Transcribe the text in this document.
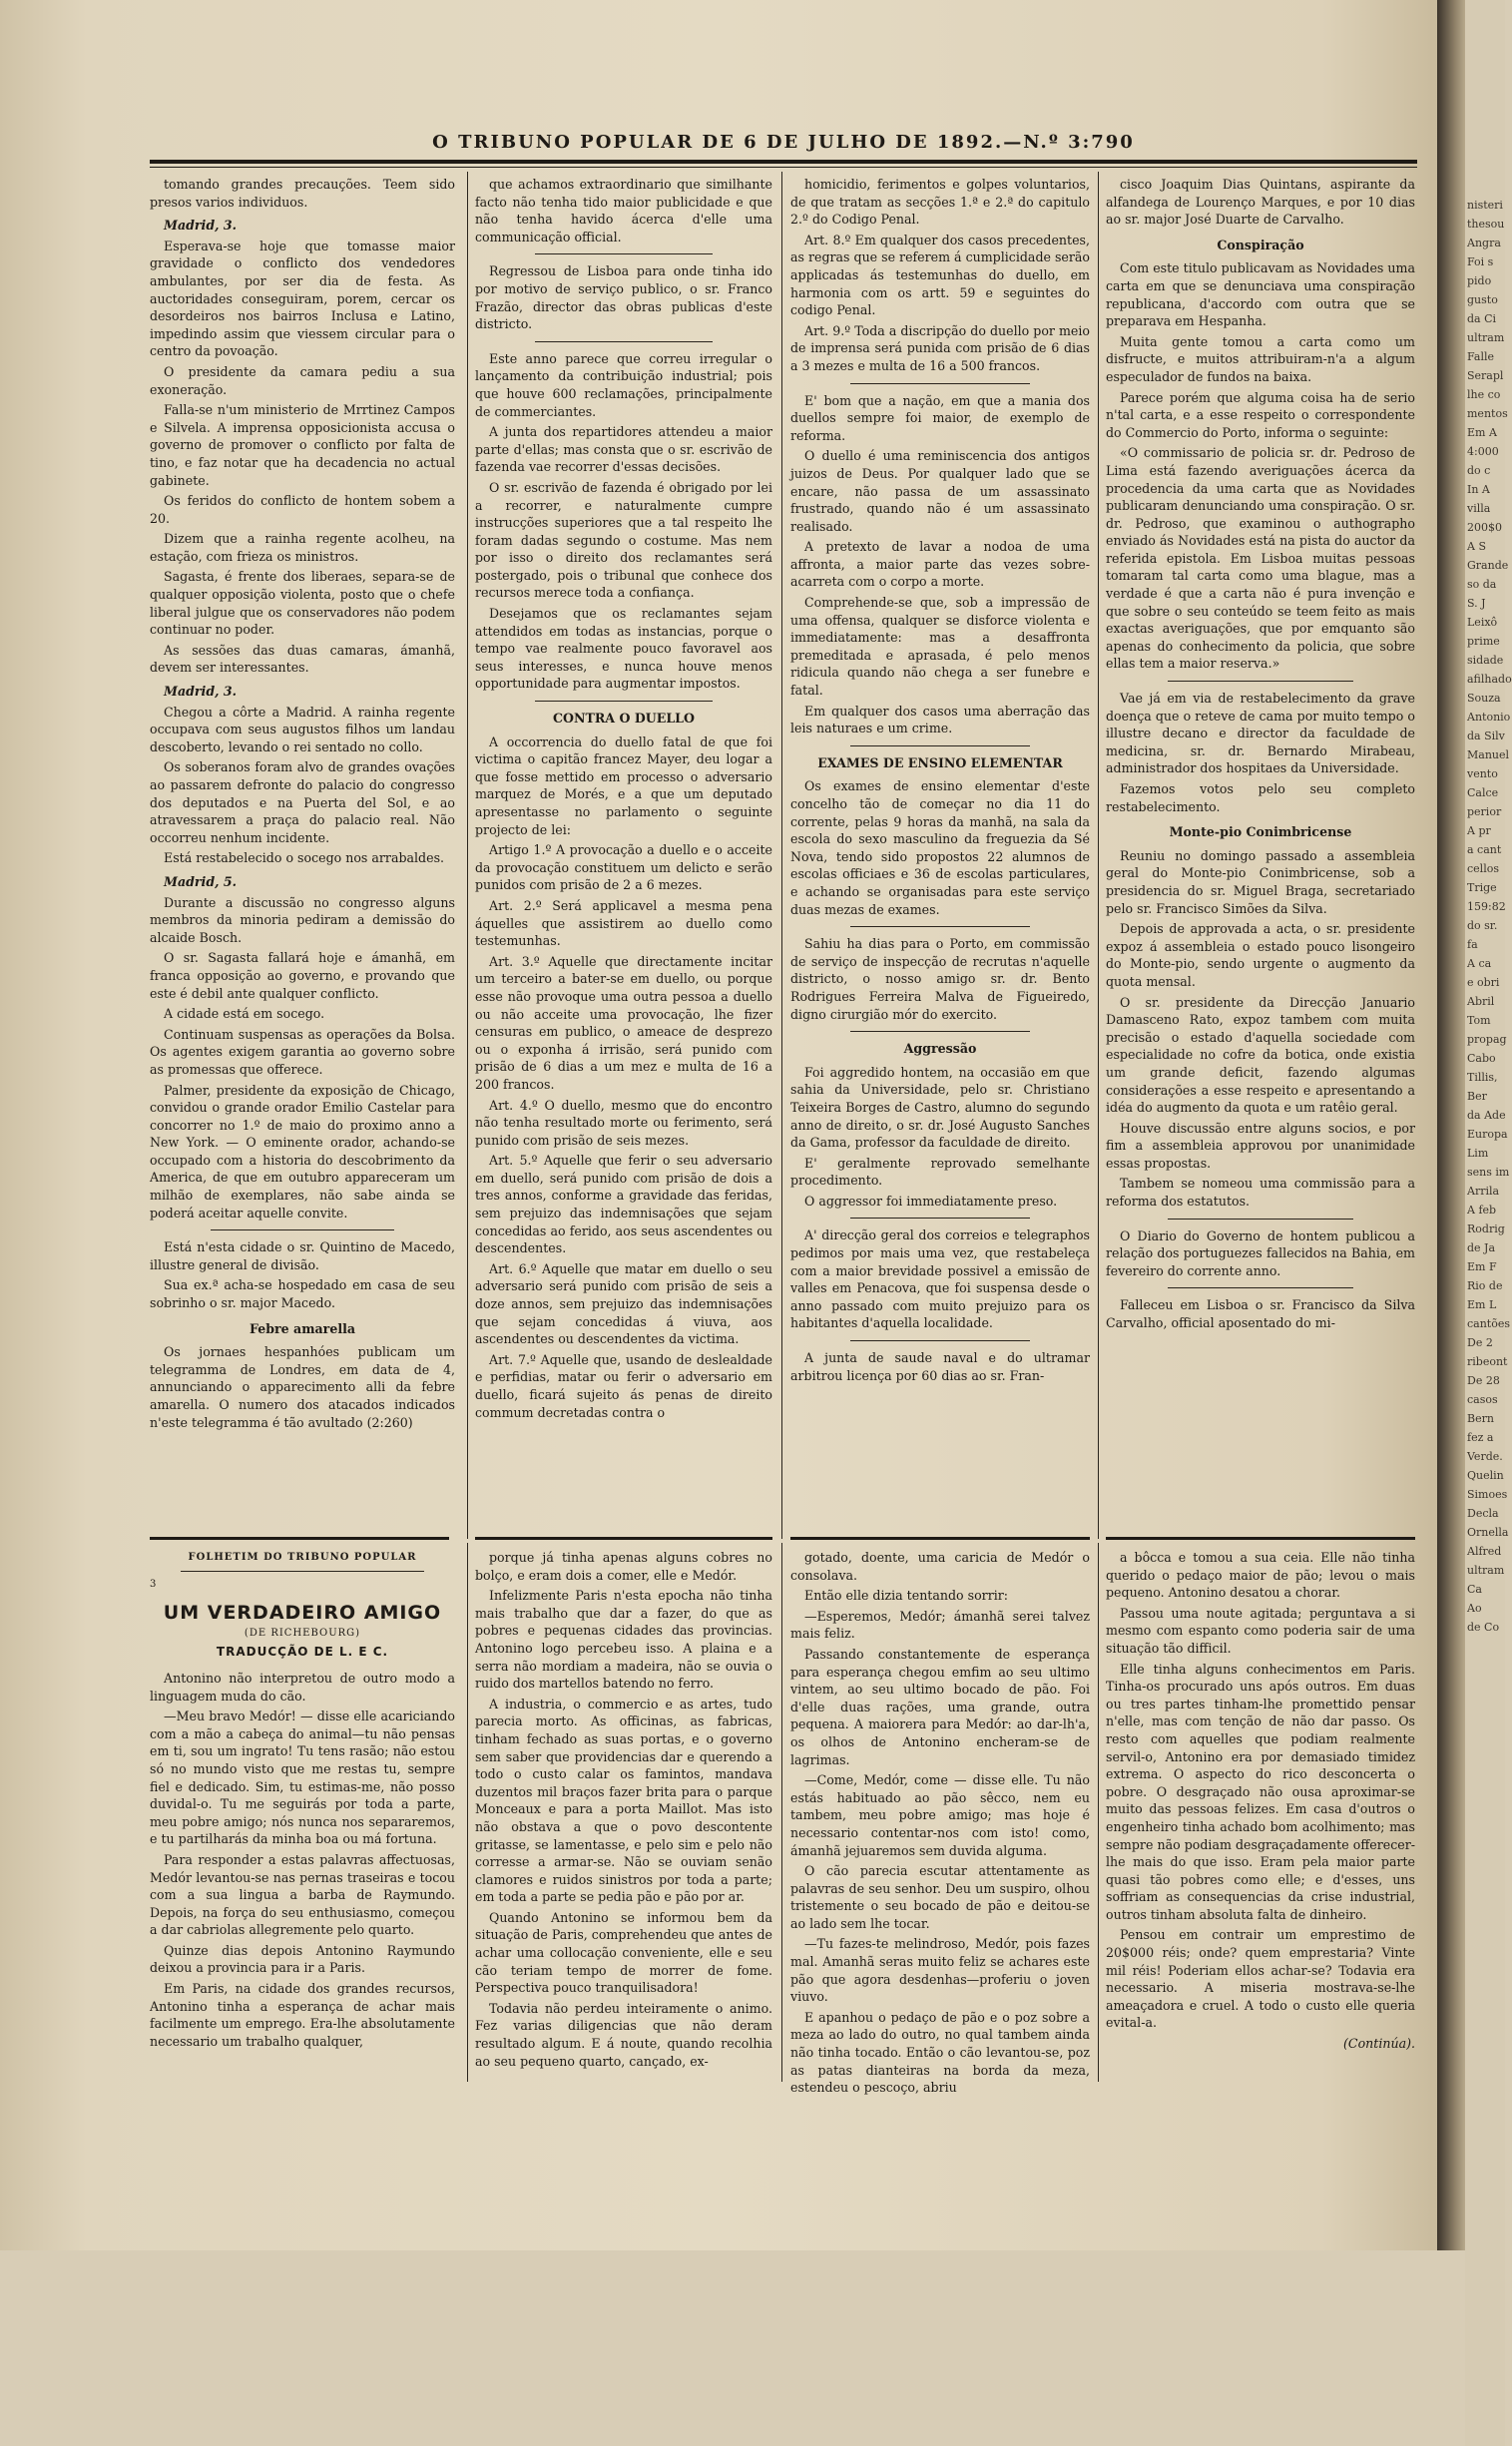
nisteri
thesou
Angra
Foi s
pido
gusto
da Ci
ultram
Falle
Serapl
lhe co
mentos
Em A
4:000
do c
In A
villa
200$0
A S
Grande
so da
S. J
Leixô
prime
sidade
afilhado
Souza
Antonio
da Silv
Manuel
vento
Calce
perior
A pr
a cant
cellos
Trige
159:82
do sr.
fa
A ca
e obri
Abril
Tom
propag
Cabo
Tillis,
Ber
da Ade
Europa
Lim
sens im
Arrila
A feb
Rodrig
de Ja
Em F
Rio de
Em L
cantões
De 2
ribeont
De 28
casos
Bern
fez a
Verde.
Quelin
Simoes
Decla
Ornella
Alfred
ultram
Ca
Ao
de Co
O TRIBUNO POPULAR DE 6 DE JULHO DE 1892.—N.º 3:790

tomando grandes precauções. Teem sido presos varios individuos.

Madrid, 3.

Esperava-se hoje que tomasse maior gravidade o conflicto dos vendedores ambulantes, por ser dia de festa. As auctoridades conseguiram, porem, cercar os desordeiros nos bairros Inclusa e Latino, impedindo assim que viessem circular para o centro da povoação.

O presidente da camara pediu a sua exoneração.

Falla-se n'um ministerio de Mrrtinez Campos e Silvela. A imprensa opposicionista accusa o governo de promover o conflicto por falta de tino, e faz notar que ha decadencia no actual gabinete.

Os feridos do conflicto de hontem sobem a 20.

Dizem que a rainha regente acolheu, na estação, com frieza os ministros.

Sagasta, é frente dos liberaes, separa-se de qualquer opposição violenta, posto que o chefe liberal julgue que os conservadores não podem continuar no poder.

As sessões das duas camaras, ámanhã, devem ser interessantes.

Madrid, 3.

Chegou a côrte a Madrid. A rainha regente occupava com seus augustos filhos um landau descoberto, levando o rei sentado no collo.

Os soberanos foram alvo de grandes ovações ao passarem defronte do palacio do congresso dos deputados e na Puerta del Sol, e ao atravessarem a praça do palacio real. Não occorreu nenhum incidente.

Está restabelecido o socego nos arrabaldes.

Madrid, 5.

Durante a discussão no congresso alguns membros da minoria pediram a demissão do alcaide Bosch.

O sr. Sagasta fallará hoje e ámanhã, em franca opposição ao governo, e provando que este é debil ante qualquer conflicto.

A cidade está em socego.

Continuam suspensas as operações da Bolsa. Os agentes exigem garantia ao governo sobre as promessas que offerece.

Palmer, presidente da exposição de Chicago, convidou o grande orador Emilio Castelar para concorrer no 1.º de maio do proximo anno a New York. — O eminente orador, achando-se occupado com a historia do descobrimento da America, de que em outubro appareceram um milhão de exemplares, não sabe ainda se poderá aceitar aquelle convite.

Está n'esta cidade o sr. Quintino de Macedo, illustre general de divisão.

Sua ex.ª acha-se hospedado em casa de seu sobrinho o sr. major Macedo.

Febre amarella

Os jornaes hespanhóes publicam um telegramma de Londres, em data de 4, annunciando o apparecimento alli da febre amarella. O numero dos atacados indicados n'este telegramma é tão avultado (2:260)

que achamos extraordinario que similhante facto não tenha tido maior publicidade e que não tenha havido ácerca d'elle uma communicação official.

Regressou de Lisboa para onde tinha ido por motivo de serviço publico, o sr. Franco Frazão, director das obras publicas d'este districto.

Este anno parece que correu irregular o lançamento da contribuição industrial; pois que houve 600 reclamações, principalmente de commerciantes.

A junta dos repartidores attendeu a maior parte d'ellas; mas consta que o sr. escrivão de fazenda vae recorrer d'essas decisões.

O sr. escrivão de fazenda é obrigado por lei a recorrer, e naturalmente cumpre instrucções superiores que a tal respeito lhe foram dadas segundo o costume. Mas nem por isso o direito dos reclamantes será postergado, pois o tribunal que conhece dos recursos merece toda a confiança.

Desejamos que os reclamantes sejam attendidos em todas as instancias, porque o tempo vae realmente pouco favoravel aos seus interesses, e nunca houve menos opportunidade para augmentar impostos.

CONTRA O DUELLO

A occorrencia do duello fatal de que foi victima o capitão francez Mayer, deu logar a que fosse mettido em processo o adversario marquez de Morés, e a que um deputado apresentasse no parlamento o seguinte projecto de lei:

Artigo 1.º A provocação a duello e o acceite da provocação constituem um delicto e serão punidos com prisão de 2 a 6 mezes.

Art. 2.º Será applicavel a mesma pena áquelles que assistirem ao duello como testemunhas.

Art. 3.º Aquelle que directamente incitar um terceiro a bater-se em duello, ou porque esse não provoque uma outra pessoa a duello ou não acceite uma provocação, lhe fizer censuras em publico, o ameace de desprezo ou o exponha á irrisão, será punido com prisão de 6 dias a um mez e multa de 16 a 200 francos.

Art. 4.º O duello, mesmo que do encontro não tenha resultado morte ou ferimento, será punido com prisão de seis mezes.

Art. 5.º Aquelle que ferir o seu adversario em duello, será punido com prisão de dois a tres annos, conforme a gravidade das feridas, sem prejuizo das indemnisações que sejam concedidas ao ferido, aos seus ascendentes ou descendentes.

Art. 6.º Aquelle que matar em duello o seu adversario será punido com prisão de seis a doze annos, sem prejuizo das indemnisações que sejam concedidas á viuva, aos ascendentes ou descendentes da victima.

Art. 7.º Aquelle que, usando de deslealdade e perfidias, matar ou ferir o adversario em duello, ficará sujeito ás penas de direito commum decretadas contra o

homicidio, ferimentos e golpes voluntarios, de que tratam as secções 1.ª e 2.ª do capitulo 2.º do Codigo Penal.

Art. 8.º Em qualquer dos casos precedentes, as regras que se referem á cumplicidade serão applicadas ás testemunhas do duello, em harmonia com os artt. 59 e seguintes do codigo Penal.

Art. 9.º Toda a discripção do duello por meio de imprensa será punida com prisão de 6 dias a 3 mezes e multa de 16 a 500 francos.

E' bom que a nação, em que a mania dos duellos sempre foi maior, de exemplo de reforma.

O duello é uma reminiscencia dos antigos juizos de Deus. Por qualquer lado que se encare, não passa de um assassinato frustrado, quando não é um assassinato realisado.

A pretexto de lavar a nodoa de uma affronta, a maior parte das vezes sobre-acarreta com o corpo a morte.

Comprehende-se que, sob a impressão de uma offensa, qualquer se disforce violenta e immediatamente: mas a desaffronta premeditada e aprasada, é pelo menos ridicula quando não chega a ser funebre e fatal.

Em qualquer dos casos uma aberração das leis naturaes e um crime.

EXAMES DE ENSINO ELEMENTAR

Os exames de ensino elementar d'este concelho tão de começar no dia 11 do corrente, pelas 9 horas da manhã, na sala da escola do sexo masculino da freguezia da Sé Nova, tendo sido propostos 22 alumnos de escolas officiaes e 36 de escolas particulares, e achando se organisadas para este serviço duas mezas de exames.

Sahiu ha dias para o Porto, em commissão de serviço de inspecção de recrutas n'aquelle districto, o nosso amigo sr. dr. Bento Rodrigues Ferreira Malva de Figueiredo, digno cirurgião mór do exercito.

Aggressão

Foi aggredido hontem, na occasião em que sahia da Universidade, pelo sr. Christiano Teixeira Borges de Castro, alumno do segundo anno de direito, o sr. dr. José Augusto Sanches da Gama, professor da faculdade de direito.

E' geralmente reprovado semelhante procedimento.

O aggressor foi immediatamente preso.

A' direcção geral dos correios e telegraphos pedimos por mais uma vez, que restabeleça com a maior brevidade possivel a emissão de valles em Penacova, que foi suspensa desde o anno passado com muito prejuizo para os habitantes d'aquella localidade.

A junta de saude naval e do ultramar arbitrou licença por 60 dias ao sr. Fran-

cisco Joaquim Dias Quintans, aspirante da alfandega de Lourenço Marques, e por 10 dias ao sr. major José Duarte de Carvalho.

Conspiração

Com este titulo publicavam as Novidades uma carta em que se denunciava uma conspiração republicana, d'accordo com outra que se preparava em Hespanha.

Muita gente tomou a carta como um disfructe, e muitos attribuiram-n'a a algum especulador de fundos na baixa.

Parece porém que alguma coisa ha de serio n'tal carta, e a esse respeito o correspondente do Commercio do Porto, informa o seguinte:

«O commissario de policia sr. dr. Pedroso de Lima está fazendo averiguações ácerca da procedencia da uma carta que as Novidades publicaram denunciando uma conspiração. O sr. dr. Pedroso, que examinou o authographo enviado ás Novidades está na pista do auctor da referida epistola. Em Lisboa muitas pessoas tomaram tal carta como uma blague, mas a verdade é que a carta não é pura invenção e que sobre o seu conteúdo se teem feito as mais exactas averiguações, que por emquanto são apenas do conhecimento da policia, que sobre ellas tem a maior reserva.»

Vae já em via de restabelecimento da grave doença que o reteve de cama por muito tempo o illustre decano e director da faculdade de medicina, sr. dr. Bernardo Mirabeau, administrador dos hospitaes da Universidade.

Fazemos votos pelo seu completo restabelecimento.

Monte-pio Conimbricense

Reuniu no domingo passado a assembleia geral do Monte-pio Conimbricense, sob a presidencia do sr. Miguel Braga, secretariado pelo sr. Francisco Simões da Silva.

Depois de approvada a acta, o sr. presidente expoz á assembleia o estado pouco lisongeiro do Monte-pio, sendo urgente o augmento da quota mensal.

O sr. presidente da Direcção Januario Damasceno Rato, expoz tambem com muita precisão o estado d'aquella sociedade com especialidade no cofre da botica, onde existia um grande deficit, fazendo algumas considerações a esse respeito e apresentando a idéa do augmento da quota e um ratêio geral.

Houve discussão entre alguns socios, e por fim a assembleia approvou por unanimidade essas propostas.

Tambem se nomeou uma commissão para a reforma dos estatutos.

O Diario do Governo de hontem publicou a relação dos portuguezes fallecidos na Bahia, em fevereiro do corrente anno.

Falleceu em Lisboa o sr. Francisco da Silva Carvalho, official aposentado do mi-

FOLHETIM DO TRIBUNO POPULAR
3
UM VERDADEIRO AMIGO
(DE RICHEBOURG)
TRADUCÇÃO DE L. E C.

Antonino não interpretou de outro modo a linguagem muda do cão.

—Meu bravo Medór! — disse elle acariciando com a mão a cabeça do animal—tu não pensas em ti, sou um ingrato! Tu tens rasão; não estou só no mundo visto que me restas tu, sempre fiel e dedicado. Sim, tu estimas-me, não posso duvidal-o. Tu me seguirás por toda a parte, meu pobre amigo; nós nunca nos separaremos, e tu partilharás da minha boa ou má fortuna.

Para responder a estas palavras affectuosas, Medór levantou-se nas pernas traseiras e tocou com a sua lingua a barba de Raymundo. Depois, na força do seu enthusiasmo, começou a dar cabriolas allegremente pelo quarto.

Quinze dias depois Antonino Raymundo deixou a provincia para ir a Paris.

Em Paris, na cidade dos grandes recursos, Antonino tinha a esperança de achar mais facilmente um emprego. Era-lhe absolutamente necessario um trabalho qualquer,

porque já tinha apenas alguns cobres no bolço, e eram dois a comer, elle e Medór.

Infelizmente Paris n'esta epocha não tinha mais trabalho que dar a fazer, do que as pobres e pequenas cidades das provincias. Antonino logo percebeu isso. A plaina e a serra não mordiam a madeira, não se ouvia o ruido dos martellos batendo no ferro.

A industria, o commercio e as artes, tudo parecia morto. As officinas, as fabricas, tinham fechado as suas portas, e o governo sem saber que providencias dar e querendo a todo o custo calar os famintos, mandava duzentos mil braços fazer brita para o parque Monceaux e para a porta Maillot. Mas isto não obstava a que o povo descontente gritasse, se lamentasse, e pelo sim e pelo não corresse a armar-se. Não se ouviam senão clamores e ruidos sinistros por toda a parte; em toda a parte se pedia pão e pão por ar.

Quando Antonino se informou bem da situação de Paris, comprehendeu que antes de achar uma collocação conveniente, elle e seu cão teriam tempo de morrer de fome. Perspectiva pouco tranquilisadora!

Todavia não perdeu inteiramente o animo. Fez varias diligencias que não deram resultado algum. E á noute, quando recolhia ao seu pequeno quarto, cançado, ex-

gotado, doente, uma caricia de Medór o consolava.

Então elle dizia tentando sorrir:

—Esperemos, Medór; ámanhã serei talvez mais feliz.

Passando constantemente de esperança para esperança chegou emfim ao seu ultimo vintem, ao seu ultimo bocado de pão. Foi d'elle duas rações, uma grande, outra pequena. A maiorera para Medór: ao dar-lh'a, os olhos de Antonino encheram-se de lagrimas.

—Come, Medór, come — disse elle. Tu não estás habituado ao pão sêcco, nem eu tambem, meu pobre amigo; mas hoje é necessario contentar-nos com isto! como, ámanhã jejuaremos sem duvida alguma.

O cão parecia escutar attentamente as palavras de seu senhor. Deu um suspiro, olhou tristemente o seu bocado de pão e deitou-se ao lado sem lhe tocar.

—Tu fazes-te melindroso, Medór, pois fazes mal. Amanhã seras muito feliz se achares este pão que agora desdenhas—proferiu o joven viuvo.

E apanhou o pedaço de pão e o poz sobre a meza ao lado do outro, no qual tambem ainda não tinha tocado. Então o cão levantou-se, poz as patas dianteiras na borda da meza, estendeu o pescoço, abriu

a bôcca e tomou a sua ceia. Elle não tinha querido o pedaço maior de pão; levou o mais pequeno. Antonino desatou a chorar.

Passou uma noute agitada; perguntava a si mesmo com espanto como poderia sair de uma situação tão difficil.

Elle tinha alguns conhecimentos em Paris. Tinha-os procurado uns após outros. Em duas ou tres partes tinham-lhe promettido pensar n'elle, mas com tenção de não dar passo. Os resto com aquelles que podiam realmente servil-o, Antonino era por demasiado timidez extrema. O aspecto do rico desconcerta o pobre. O desgraçado não ousa aproximar-se muito das pessoas felizes. Em casa d'outros o engenheiro tinha achado bom acolhimento; mas sempre não podiam desgraçadamente offerecer-lhe mais do que isso. Eram pela maior parte quasi tão pobres como elle; e d'esses, uns soffriam as consequencias da crise industrial, outros tinham absoluta falta de dinheiro.

Pensou em contrair um emprestimo de 20$000 réis; onde? quem emprestaria? Vinte mil réis! Poderiam ellos achar-se? Todavia era necessario. A miseria mostrava-se-lhe ameaçadora e cruel. A todo o custo elle queria evital-a.

(Continúa).
